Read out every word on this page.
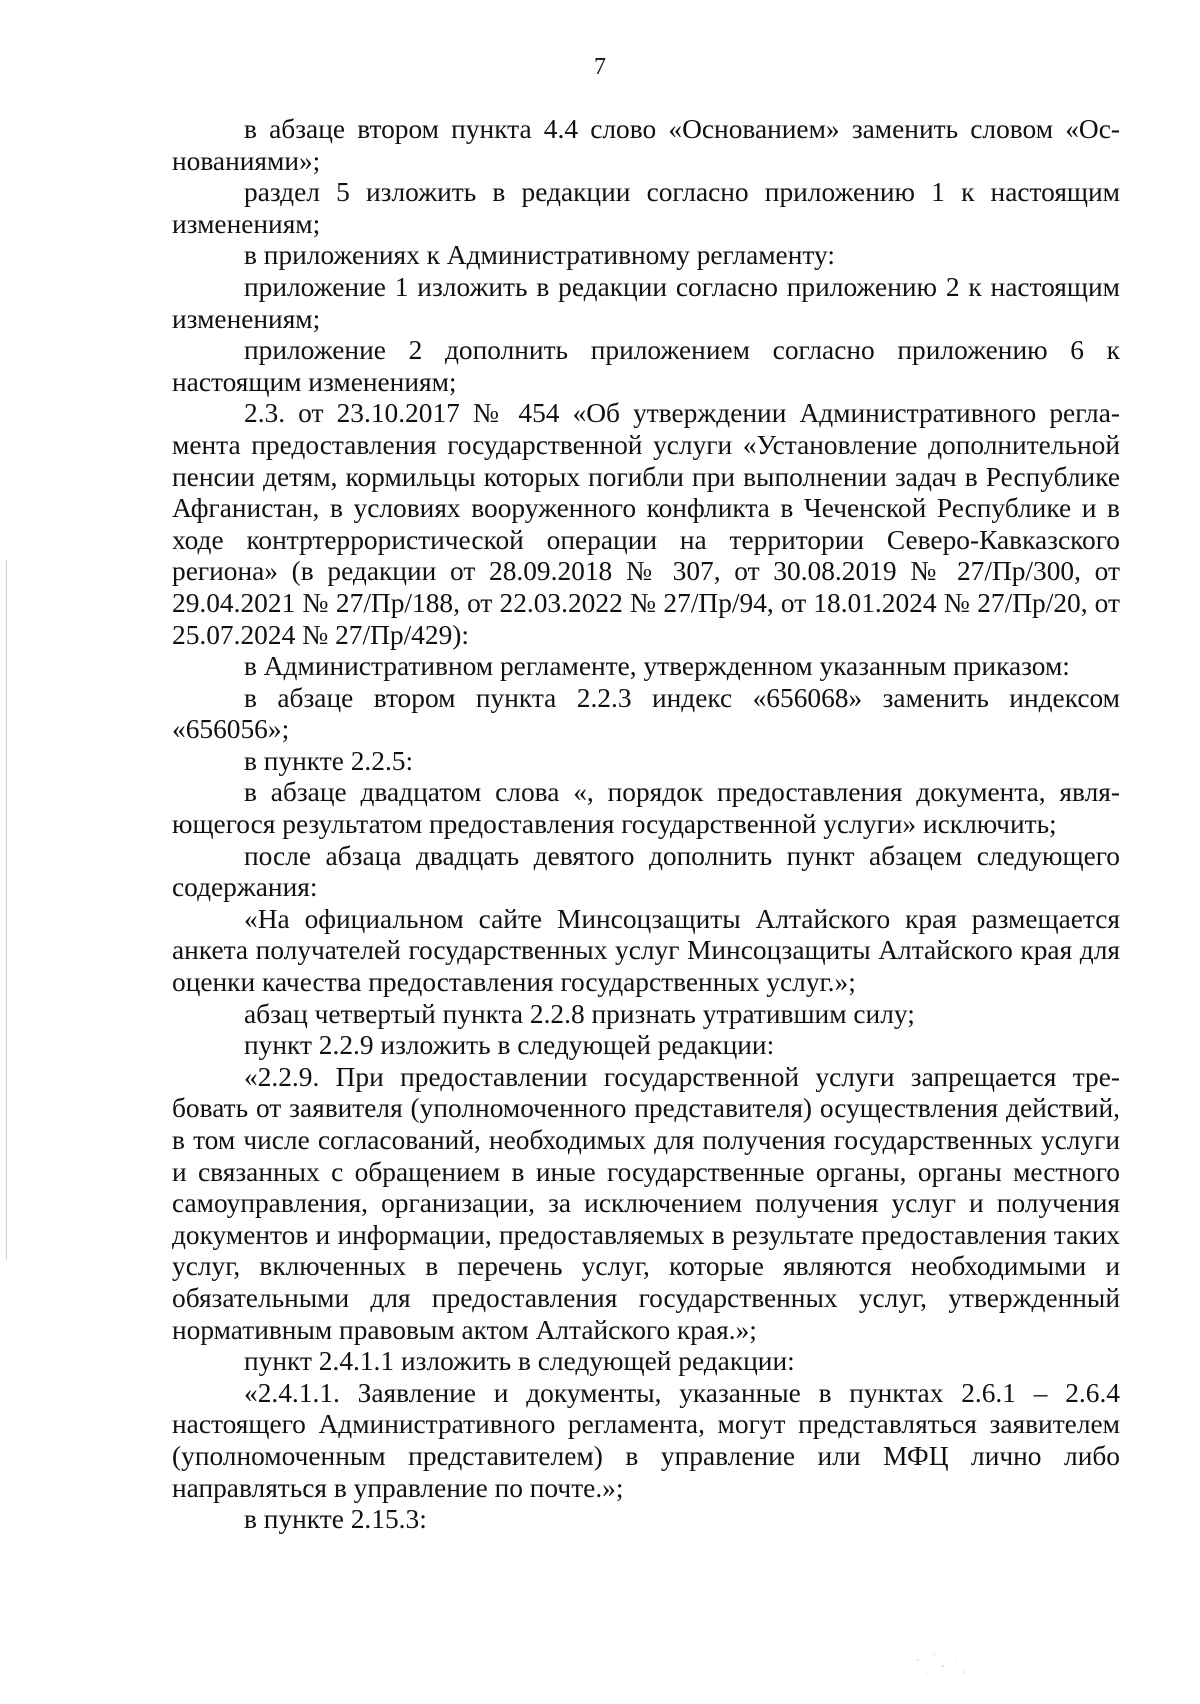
7

в абзаце втором пункта 4.4 слово «Основанием» заменить словом «Основаниями»;

раздел 5 изложить в редакции согласно приложению 1 к настоящим изменениям;

в приложениях к Административному регламенту:

приложение 1 изложить в редакции согласно приложению 2 к настоящим изменениям;

приложение 2 дополнить приложением согласно приложению 6 к настоящим изменениям;

2.3. от 23.10.2017 № 454 «Об утверждении Административного регламента предоставления государственной услуги «Установление дополнительной пенсии детям, кормильцы которых погибли при выполнении задач в Республике Афганистан, в условиях вооруженного конфликта в Чеченской Республике и в ходе контртеррористической операции на территории Северо-Кавказского региона» (в редакции от 28.09.2018 № 307, от 30.08.2019 № 27/Пр/300, от 29.04.2021 № 27/Пр/188, от 22.03.2022 № 27/Пр/94, от 18.01.2024 № 27/Пр/20, от 25.07.2024 № 27/Пр/429):

в Административном регламенте, утвержденном указанным приказом:

в абзаце втором пункта 2.2.3 индекс «656068» заменить индексом «656056»;

в пункте 2.2.5:

в абзаце двадцатом слова «, порядок предоставления документа, являющегося результатом предоставления государственной услуги» исключить;

после абзаца двадцать девятого дополнить пункт абзацем следующего содержания:

«На официальном сайте Минсоцзащиты Алтайского края размещается анкета получателей государственных услуг Минсоцзащиты Алтайского края для оценки качества предоставления государственных услуг.»;

абзац четвертый пункта 2.2.8 признать утратившим силу;

пункт 2.2.9 изложить в следующей редакции:

«2.2.9. При предоставлении государственной услуги запрещается требовать от заявителя (уполномоченного представителя) осуществления действий, в том числе согласований, необходимых для получения государственных услуги и связанных с обращением в иные государственные органы, органы местного самоуправления, организации, за исключением получения услуг и получения документов и информации, предоставляемых в результате предоставления таких услуг, включенных в перечень услуг, которые являются необходимыми и обязательными для предоставления государственных услуг, утвержденный нормативным правовым актом Алтайского края.»;

пункт 2.4.1.1 изложить в следующей редакции:

«2.4.1.1. Заявление и документы, указанные в пунктах 2.6.1 – 2.6.4 настоящего Административного регламента, могут представляться заявителем (уполномоченным представителем) в управление или МФЦ лично либо направляться в управление по почте.»;

в пункте 2.15.3:
